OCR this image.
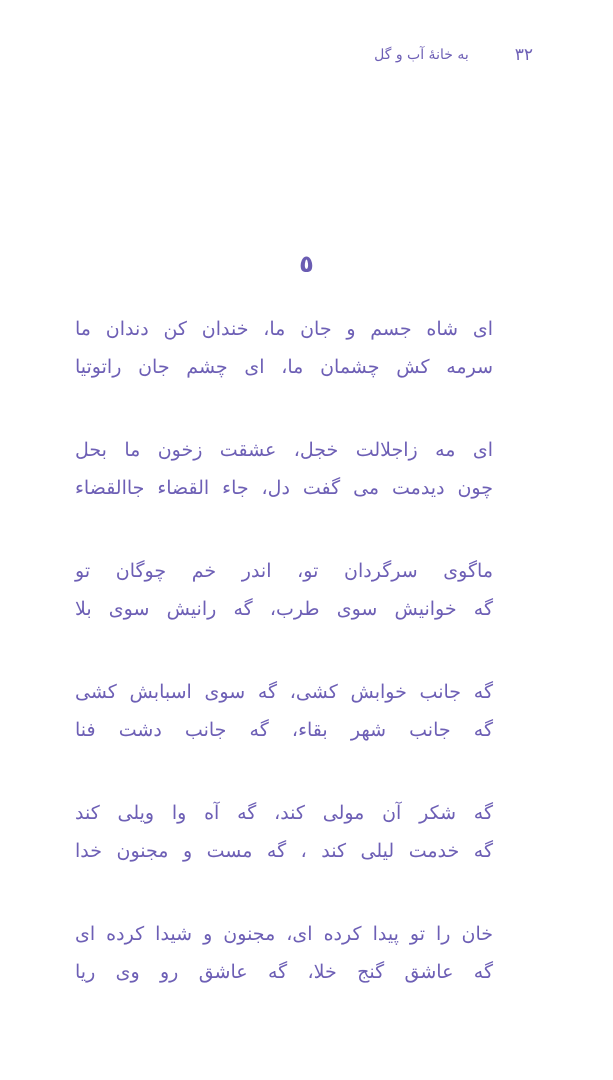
۳۲
به خانهٔ آب و گل
٥
ای شاه جسم و جان ما، خندان کن دندان ما
سرمه کش چشمان ما، ای چشم جان راتوتیا
ای مه زاجلالت خجل، عشقت زخون ما بحل
چون دیدمت می گفت دل، جاء القضاء جاالقضاء
ماگوی سرگردان تو، اندر خم چوگان تو
گه خوانیش سوی طرب، گه رانیش سوی بلا
گه جانب خوابش کشی، گه سوی اسبابش کشی
گه جانب شهر بقاء، گه جانب دشت فنا
گه شکر آن مولی کند، گه آه وا ویلی کند
گه خدمت لیلی کند ، گه مست و مجنون خدا
خان را تو پیدا کرده ای، مجنون و شیدا کرده ای
گه عاشق گنج خلا، گه عاشق رو وی ریا
